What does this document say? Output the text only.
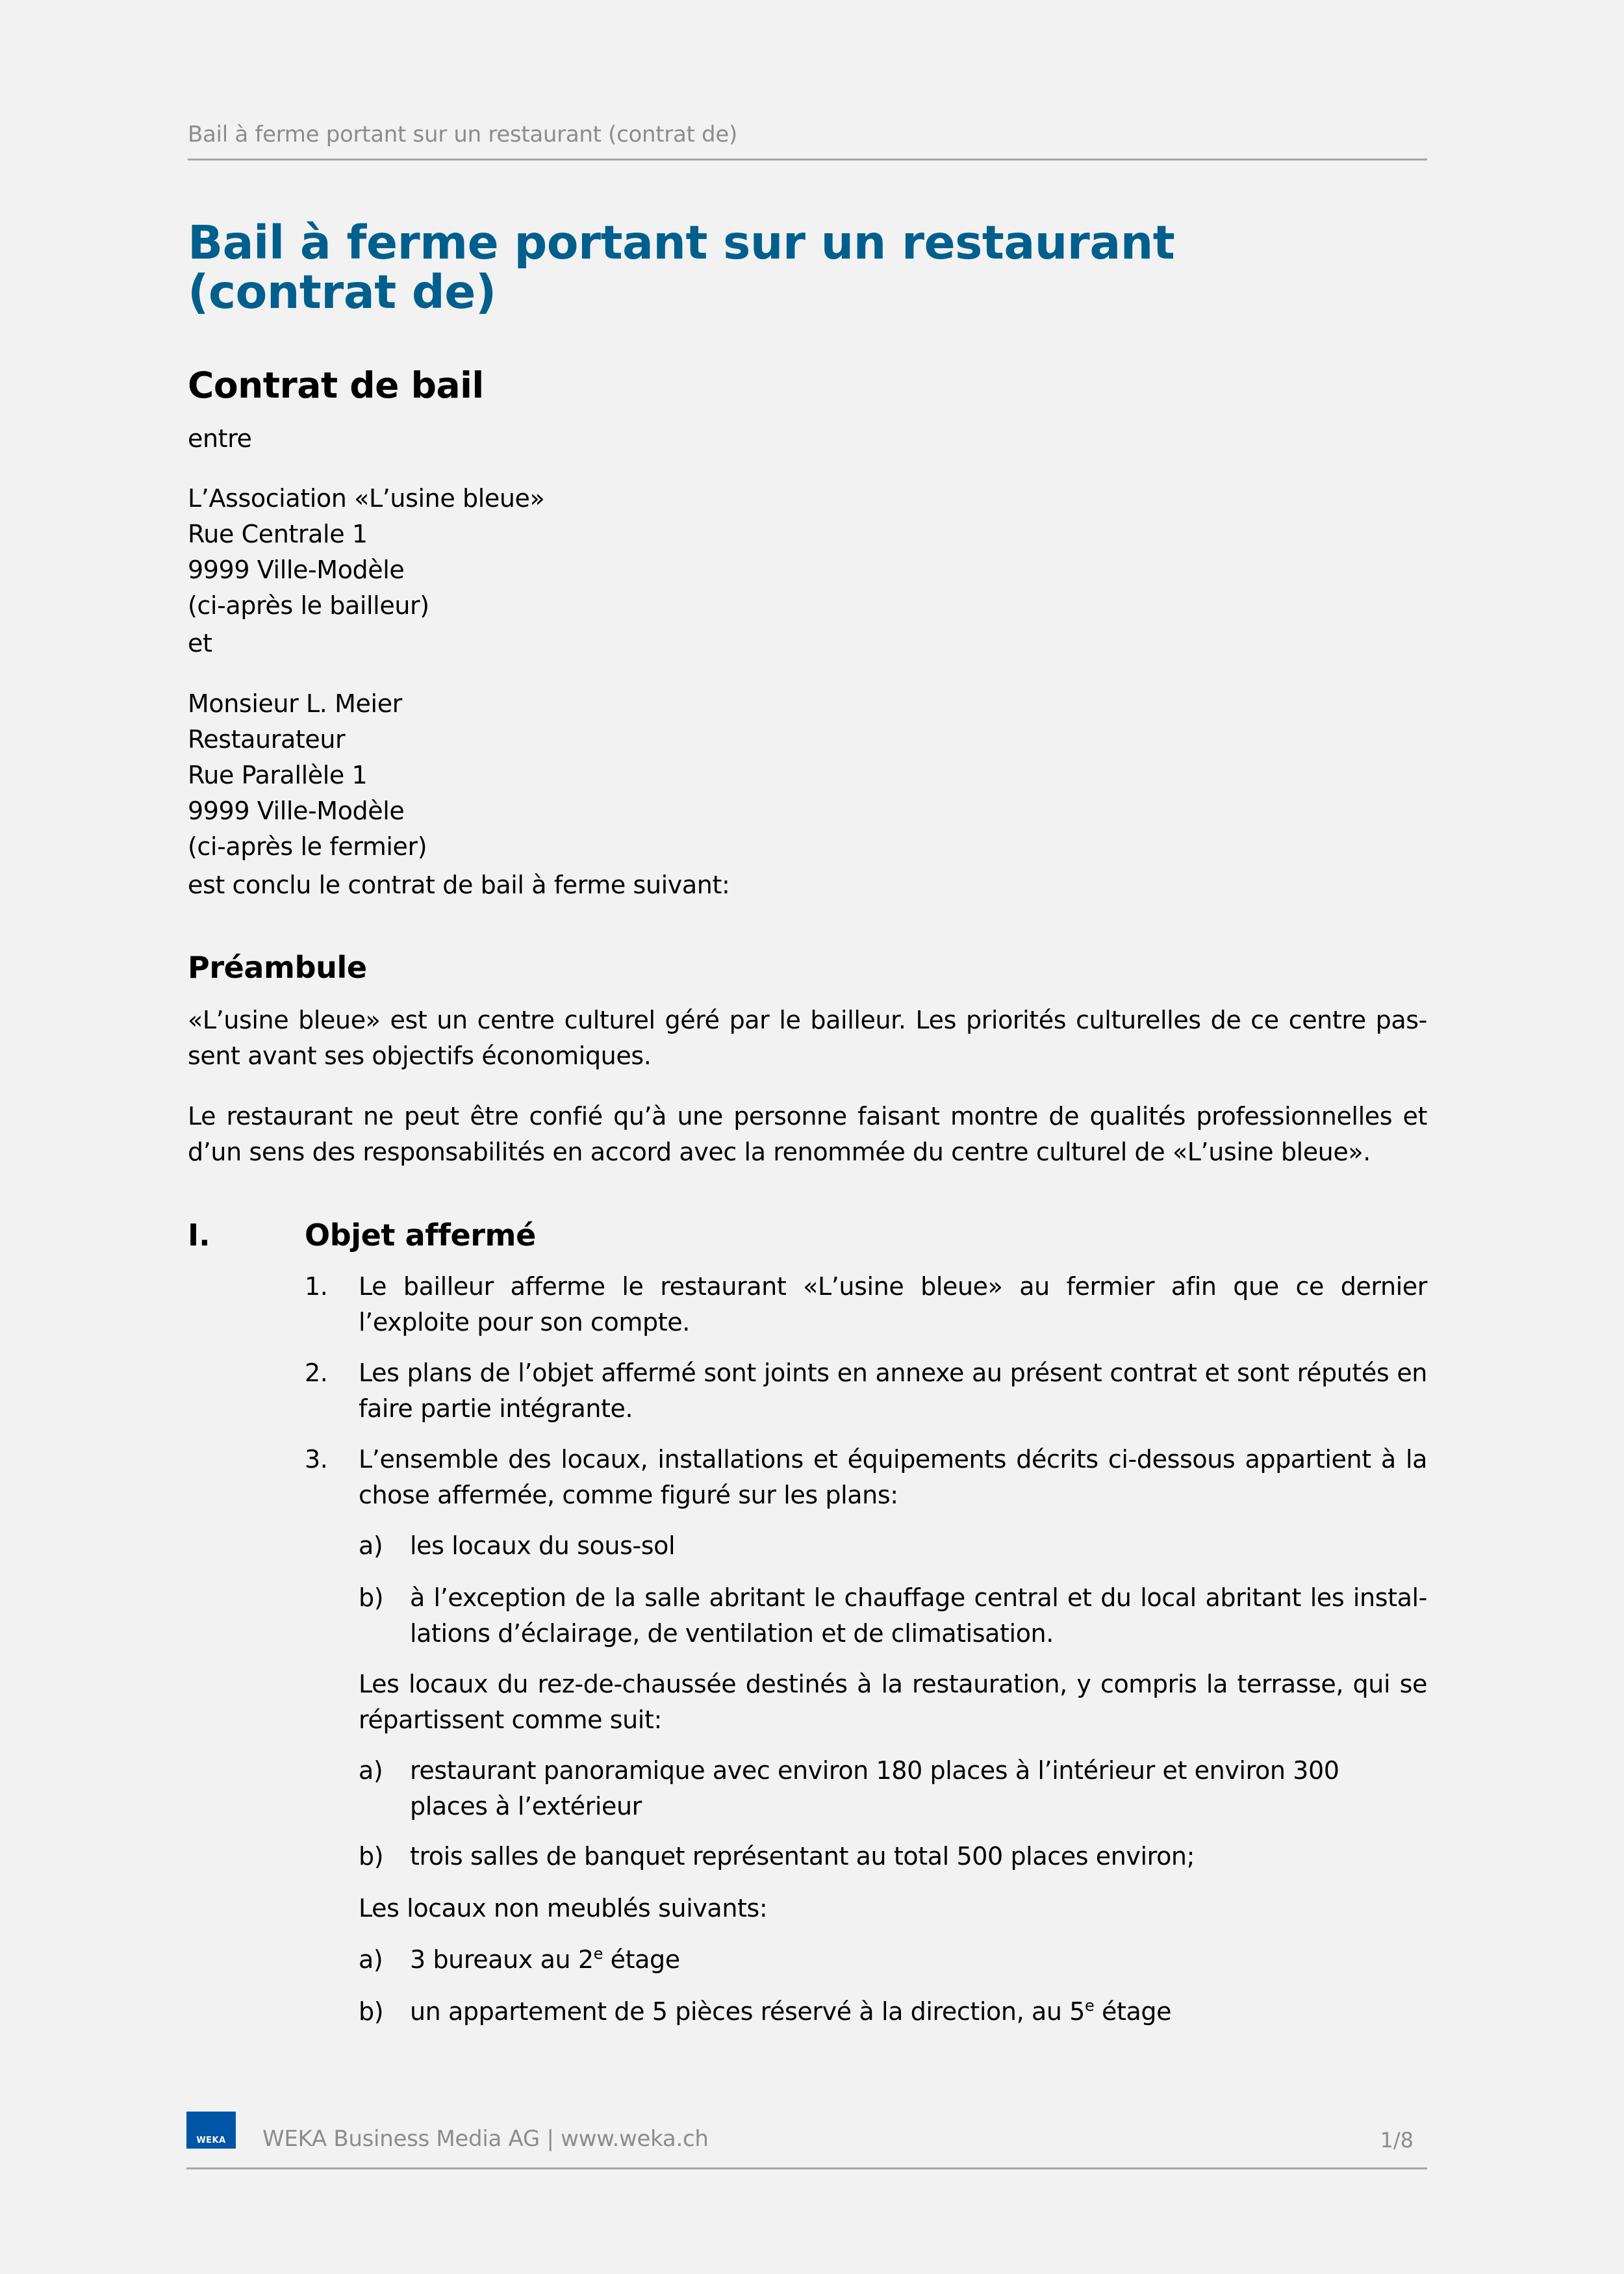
Bail à ferme portant sur un restaurant (contrat de)
Bail à ferme portant sur un restaurant
(contrat de)
Contrat de bail

entre

L’Association «L’usine bleue»
Rue Centrale 1
9999 Ville-Modèle
(ci-après le bailleur)

et

Monsieur L. Meier
Restaurateur
Rue Parallèle 1
9999 Ville-Modèle
(ci-après le fermier)

est conclu le contrat de bail à ferme suivant:

Préambule

«L’usine bleue» est un centre culturel géré par le bailleur. Les priorités culturelles de ce centre pas-sent avant ses objectifs économiques.

Le restaurant ne peut être confié qu’à une personne faisant montre de qualités professionnelles et d’un sens des responsabilités en accord avec la renommée du centre culturel de «L’usine bleue».

I.	Objet affermé
1. Le bailleur afferme le restaurant «L’usine bleue» au fermier afin que ce dernier l’exploite pour son compte.
2. Les plans de l’objet affermé sont joints en annexe au présent contrat et sont réputés en faire partie intégrante.
3. L’ensemble des locaux, installations et équipements décrits ci-dessous appartient à la chose affermée, comme figuré sur les plans:
a) les locaux du sous-sol
b) à l’exception de la salle abritant le chauffage central et du local abritant les instal-lations d’éclairage, de ventilation et de climatisation.
Les locaux du rez-de-chaussée destinés à la restauration, y compris la terrasse, qui se répartissent comme suit:
a) restaurant panoramique avec environ 180 places à l’intérieur et environ 300 places à l’extérieur
b) trois salles de banquet représentant au total 500 places environ;
Les locaux non meublés suivants:
a) 3 bureaux au 2e étage
b) un appartement de 5 pièces réservé à la direction, au 5e étage
WEKA	WEKA Business Media AG | www.weka.ch	1/8
